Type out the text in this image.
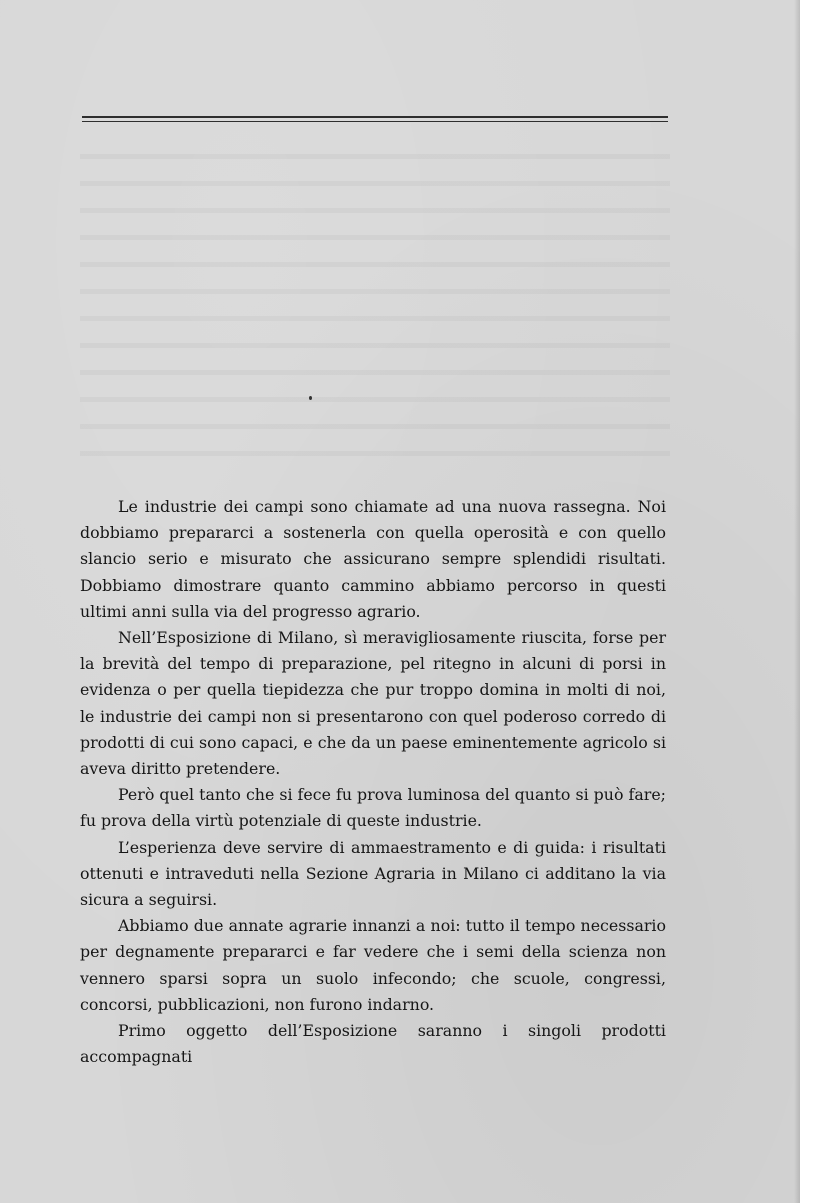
Le industrie dei campi sono chiamate ad una nuova rassegna. Noi dobbiamo prepararci a sostenerla con quella operosità e con quello slancio serio e misurato che assicurano sempre splendidi risultati. Dobbiamo dimostrare quanto cammino abbiamo percorso in questi ultimi anni sulla via del progresso agrario.

Nell’Esposizione di Milano, sì meravigliosamente riuscita, forse per la brevità del tempo di preparazione, pel ritegno in alcuni di porsi in evidenza o per quella tiepidezza che pur troppo domina in molti di noi, le industrie dei campi non si presentarono con quel poderoso corredo di prodotti di cui sono capaci, e che da un paese eminentemente agricolo si aveva diritto pretendere.

Però quel tanto che si fece fu prova luminosa del quanto si può fare; fu prova della virtù potenziale di queste industrie.

L’esperienza deve servire di ammaestramento e di guida: i risultati ottenuti e intraveduti nella Sezione Agraria in Milano ci additano la via sicura a seguirsi.

Abbiamo due annate agrarie innanzi a noi: tutto il tempo necessario per degnamente prepararci e far vedere che i semi della scienza non vennero sparsi sopra un suolo infecondo; che scuole, congressi, concorsi, pubblicazioni, non furono indarno.

Primo oggetto dell’Esposizione saranno i singoli prodotti accompagnati
